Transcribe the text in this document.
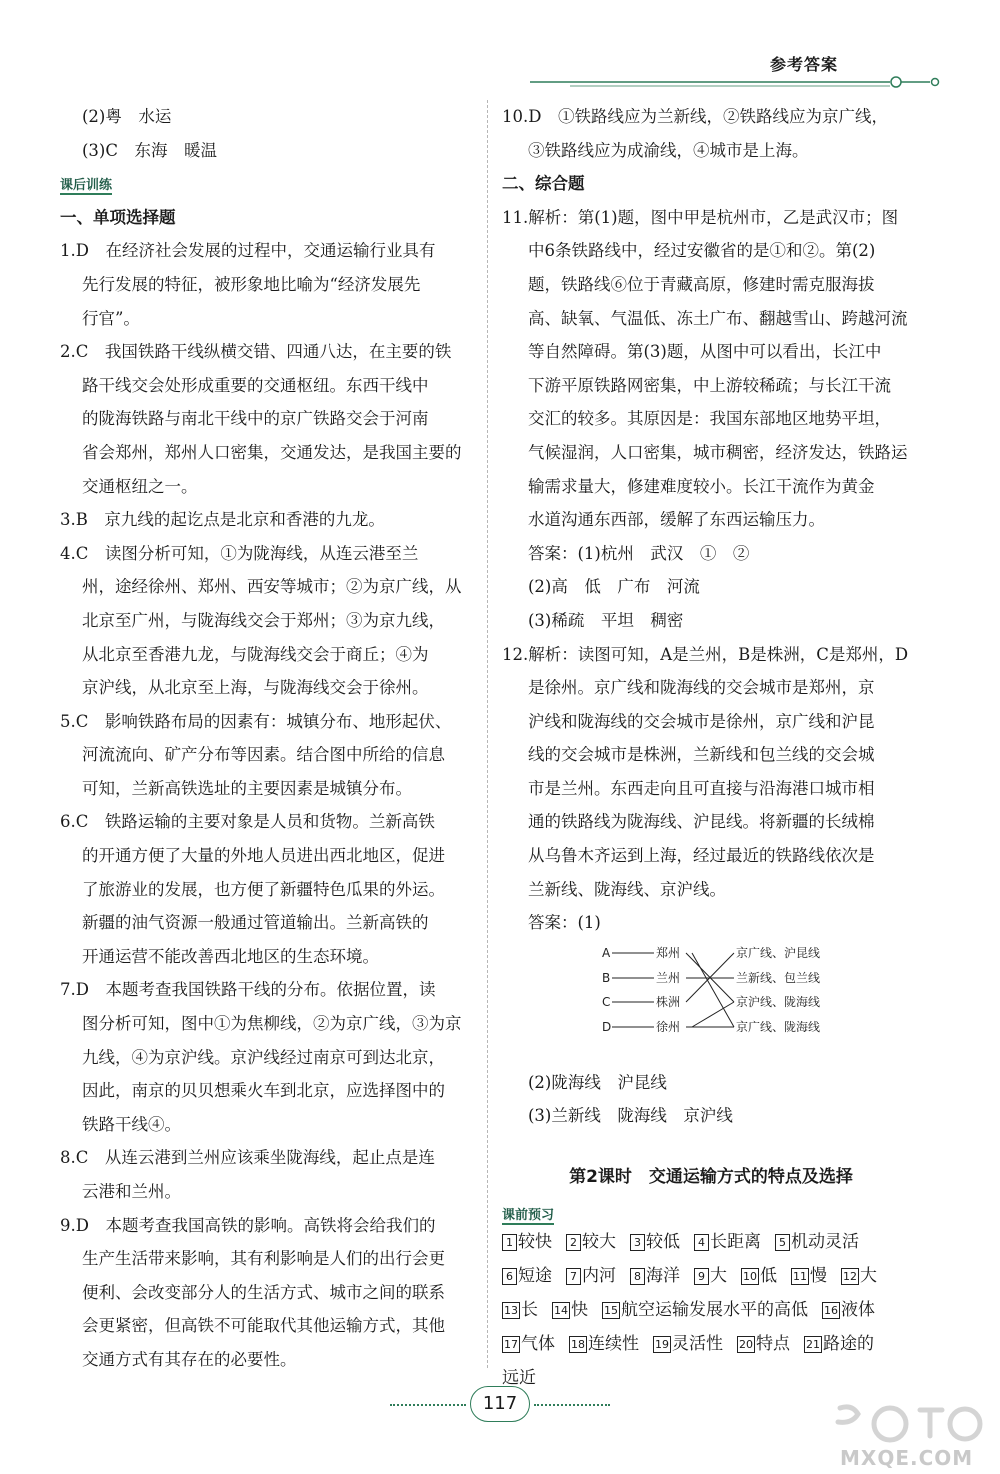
参考答案
(2)粤　水运
(3)C　东海　暖温
课后训练
一、单项选择题
1.D　在经济社会发展的过程中，交通运输行业具有
先行发展的特征，被形象地比喻为“经济发展先
行官”。
2.C　我国铁路干线纵横交错、四通八达，在主要的铁
路干线交会处形成重要的交通枢纽。东西干线中
的陇海铁路与南北干线中的京广铁路交会于河南
省会郑州，郑州人口密集，交通发达，是我国主要的
交通枢纽之一。
3.B　京九线的起讫点是北京和香港的九龙。
4.C　读图分析可知，①为陇海线，从连云港至兰
州，途经徐州、郑州、西安等城市；②为京广线，从
北京至广州，与陇海线交会于郑州；③为京九线，
从北京至香港九龙，与陇海线交会于商丘；④为
京沪线，从北京至上海，与陇海线交会于徐州。
5.C　影响铁路布局的因素有：城镇分布、地形起伏、
河流流向、矿产分布等因素。结合图中所给的信息
可知，兰新高铁选址的主要因素是城镇分布。
6.C　铁路运输的主要对象是人员和货物。兰新高铁
的开通方便了大量的外地人员进出西北地区，促进
了旅游业的发展，也方便了新疆特色瓜果的外运。
新疆的油气资源一般通过管道输出。兰新高铁的
开通运营不能改善西北地区的生态环境。
7.D　本题考查我国铁路干线的分布。依据位置，读
图分析可知，图中①为焦柳线，②为京广线，③为京
九线，④为京沪线。京沪线经过南京可到达北京，
因此，南京的贝贝想乘火车到北京，应选择图中的
铁路干线④。
8.C　从连云港到兰州应该乘坐陇海线，起止点是连
云港和兰州。
9.D　本题考查我国高铁的影响。高铁将会给我们的
生产生活带来影响，其有利影响是人们的出行会更
便利、会改变部分人的生活方式、城市之间的联系
会更紧密，但高铁不可能取代其他运输方式，其他
交通方式有其存在的必要性。
10.D　①铁路线应为兰新线，②铁路线应为京广线，
③铁路线应为成渝线，④城市是上海。
二、综合题
11.解析：第(1)题，图中甲是杭州市，乙是武汉市；图
中6条铁路线中，经过安徽省的是①和②。第(2)
题，铁路线⑥位于青藏高原，修建时需克服海拔
高、缺氧、气温低、冻土广布、翻越雪山、跨越河流
等自然障碍。第(3)题，从图中可以看出，长江中
下游平原铁路网密集，中上游较稀疏；与长江干流
交汇的较多。其原因是：我国东部地区地势平坦，
气候湿润，人口密集，城市稠密，经济发达，铁路运
输需求量大，修建难度较小。长江干流作为黄金
水道沟通东西部，缓解了东西运输压力。
答案：(1)杭州　武汉　①　②
(2)高　低　广布　河流
(3)稀疏　平坦　稠密
12.解析：读图可知，A是兰州，B是株洲，C是郑州，D
是徐州。京广线和陇海线的交会城市是郑州，京
沪线和陇海线的交会城市是徐州，京广线和沪昆
线的交会城市是株洲，兰新线和包兰线的交会城
市是兰州。东西走向且可直接与沿海港口城市相
通的铁路线为陇海线、沪昆线。将新疆的长绒棉
从乌鲁木齐运到上海，经过最近的铁路线依次是
兰新线、陇海线、京沪线。
答案：(1)
A
B
C
D
郑州
兰州
株洲
徐州
京广线、沪昆线
兰新线、包兰线
京沪线、陇海线
京广线、陇海线
(2)陇海线　沪昆线
(3)兰新线　陇海线　京沪线
第2课时　交通运输方式的特点及选择
课前预习
1 较快 2 较大 3 较低 4 长距离 5 机动灵活
6 短途 7 内河 8 海洋 9 大 10 低 11 慢 12 大
13 长 14 快 15 航空运输发展水平的高低 16 液体
17 气体 18 连续性 19 灵活性 20 特点 21 路途的
远近
117
MXQE.COM
